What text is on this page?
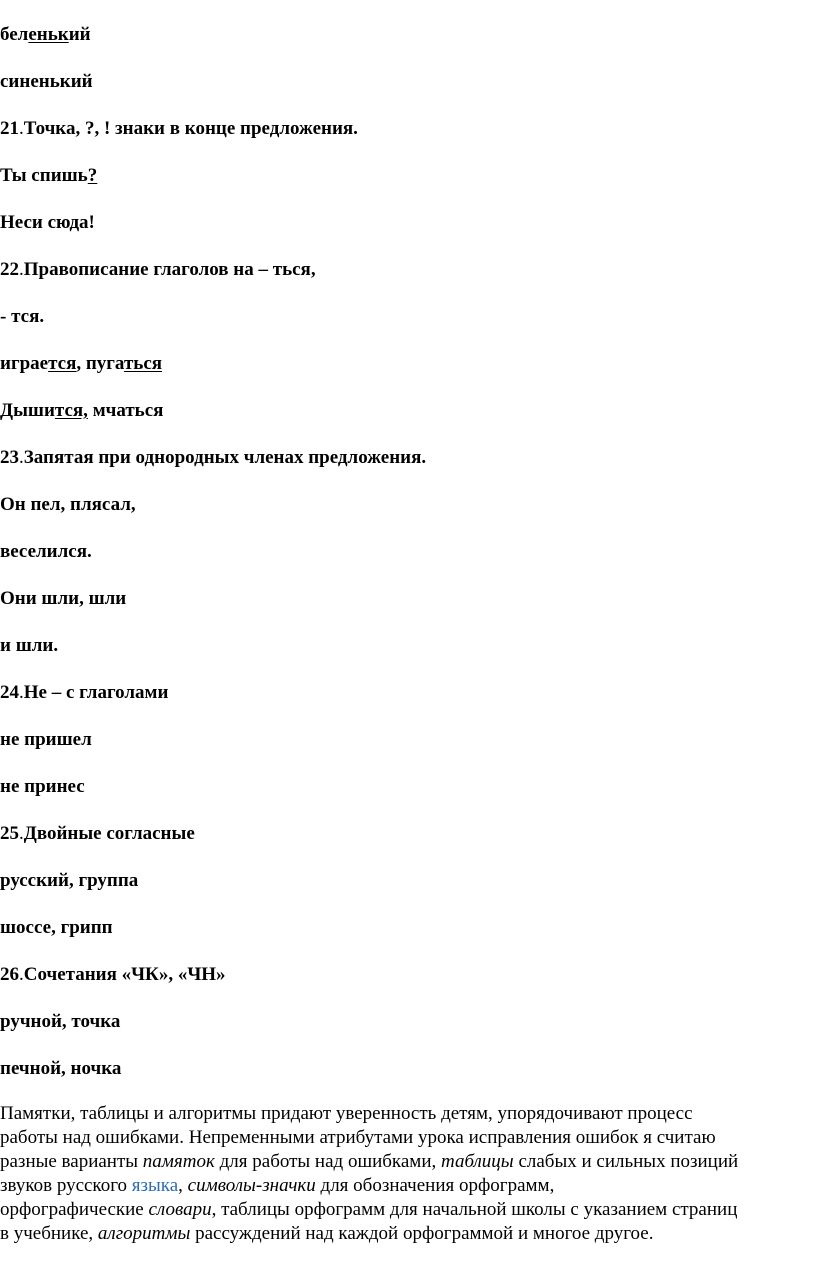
беленький
синенький
21.Точка, ?, ! знаки в конце предложения.
Ты спишь?
Неси сюда!
22.Правописание глаголов на – ться,
- тся.
играется, пугаться
Дышится, мчаться
23.Запятая при однородных членах предложения.
Он пел, плясал,
веселился.
Они шли, шли
и шли.
24.Не – с глаголами
не пришел
не принес
25.Двойные согласные
русский, группа
шоссе, грипп
26.Сочетания «ЧК», «ЧН»
ручной, точка
печной, ночка
Памятки, таблицы и алгоритмы придают уверенность детям, упорядочивают процесс
работы над ошибками. Непременными атрибутами урока исправления ошибок я считаю
разные варианты памяток для работы над ошибками, таблицы слабых и сильных позиций
звуков русского языка, символы-значки для обозначения орфограмм,
орфографические словари, таблицы орфограмм для начальной школы с указанием страниц
в учебнике, алгоритмы рассуждений над каждой орфограммой и многое другое.
